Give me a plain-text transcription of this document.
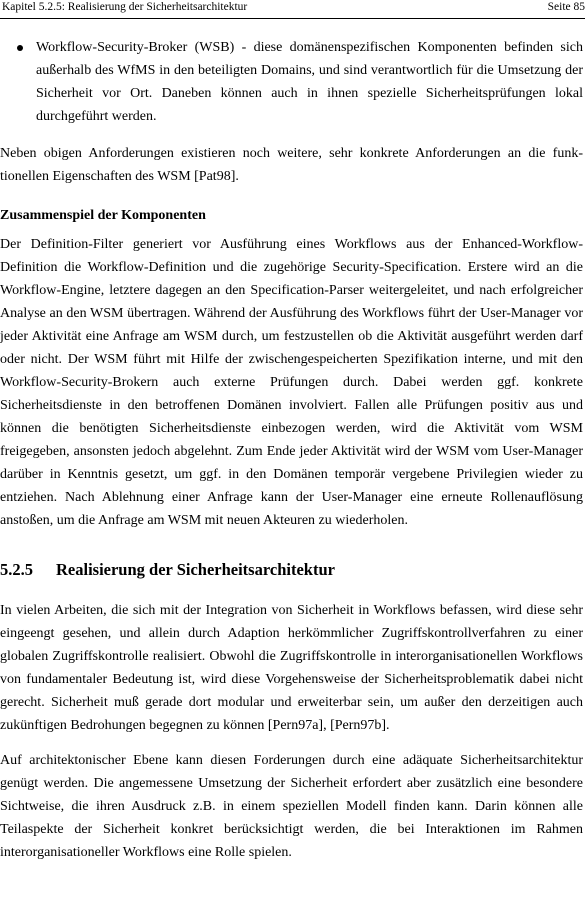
Kapitel 5.2.5: Realisierung der Sicherheitsarchitektur	Seite 85
Workflow-Security-Broker (WSB) - diese domänenspezifischen Komponenten befinden sich außerhalb des WfMS in den beteiligten Domains, und sind verantwortlich für die Umsetzung der Sicherheit vor Ort. Daneben können auch in ihnen spezielle Sicherheitsprüfungen lokal durchgeführt werden.

Neben obigen Anforderungen existieren noch weitere, sehr konkrete Anforderungen an die funktionellen Eigenschaften des WSM [Pat98].

Zusammenspiel der Komponenten

Der Definition-Filter generiert vor Ausführung eines Workflows aus der Enhanced-Workflow-Definition die Workflow-Definition und die zugehörige Security-Specification. Erstere wird an die Workflow-Engine, letztere dagegen an den Specification-Parser weitergeleitet, und nach erfolgreicher Analyse an den WSM übertragen. Während der Ausführung des Workflows führt der User-Manager vor jeder Aktivität eine Anfrage am WSM durch, um festzustellen ob die Aktivität ausgeführt werden darf oder nicht. Der WSM führt mit Hilfe der zwischengespeicherten Spezifikation interne, und mit den Workflow-Security-Brokern auch externe Prüfungen durch. Dabei werden ggf. konkrete Sicherheitsdienste in den betroffenen Domänen involviert. Fallen alle Prüfungen positiv aus und können die benötigten Sicherheitsdienste einbezogen werden, wird die Aktivität vom WSM freigegeben, ansonsten jedoch abgelehnt. Zum Ende jeder Aktivität wird der WSM vom User-Manager darüber in Kenntnis gesetzt, um ggf. in den Domänen temporär vergebene Privilegien wieder zu entziehen. Nach Ablehnung einer Anfrage kann der User-Manager eine erneute Rollenauflösung anstoßen, um die Anfrage am WSM mit neuen Akteuren zu wiederholen.

5.2.5 Realisierung der Sicherheitsarchitektur

In vielen Arbeiten, die sich mit der Integration von Sicherheit in Workflows befassen, wird diese sehr eingeengt gesehen, und allein durch Adaption herkömmlicher Zugriffskontrollverfahren zu einer globalen Zugriffskontrolle realisiert. Obwohl die Zugriffskontrolle in interorganisationellen Workflows von fundamentaler Bedeutung ist, wird diese Vorgehensweise der Sicherheitsproblematik dabei nicht gerecht. Sicherheit muß gerade dort modular und erweiterbar sein, um außer den derzeitigen auch zukünftigen Bedrohungen begegnen zu können [Pern97a], [Pern97b].

Auf architektonischer Ebene kann diesen Forderungen durch eine adäquate Sicherheitsarchitektur genügt werden. Die angemessene Umsetzung der Sicherheit erfordert aber zusätzlich eine besondere Sichtweise, die ihren Ausdruck z.B. in einem speziellen Modell finden kann. Darin können alle Teilaspekte der Sicherheit konkret berücksichtigt werden, die bei Interaktionen im Rahmen interorganisationeller Workflows eine Rolle spielen.
